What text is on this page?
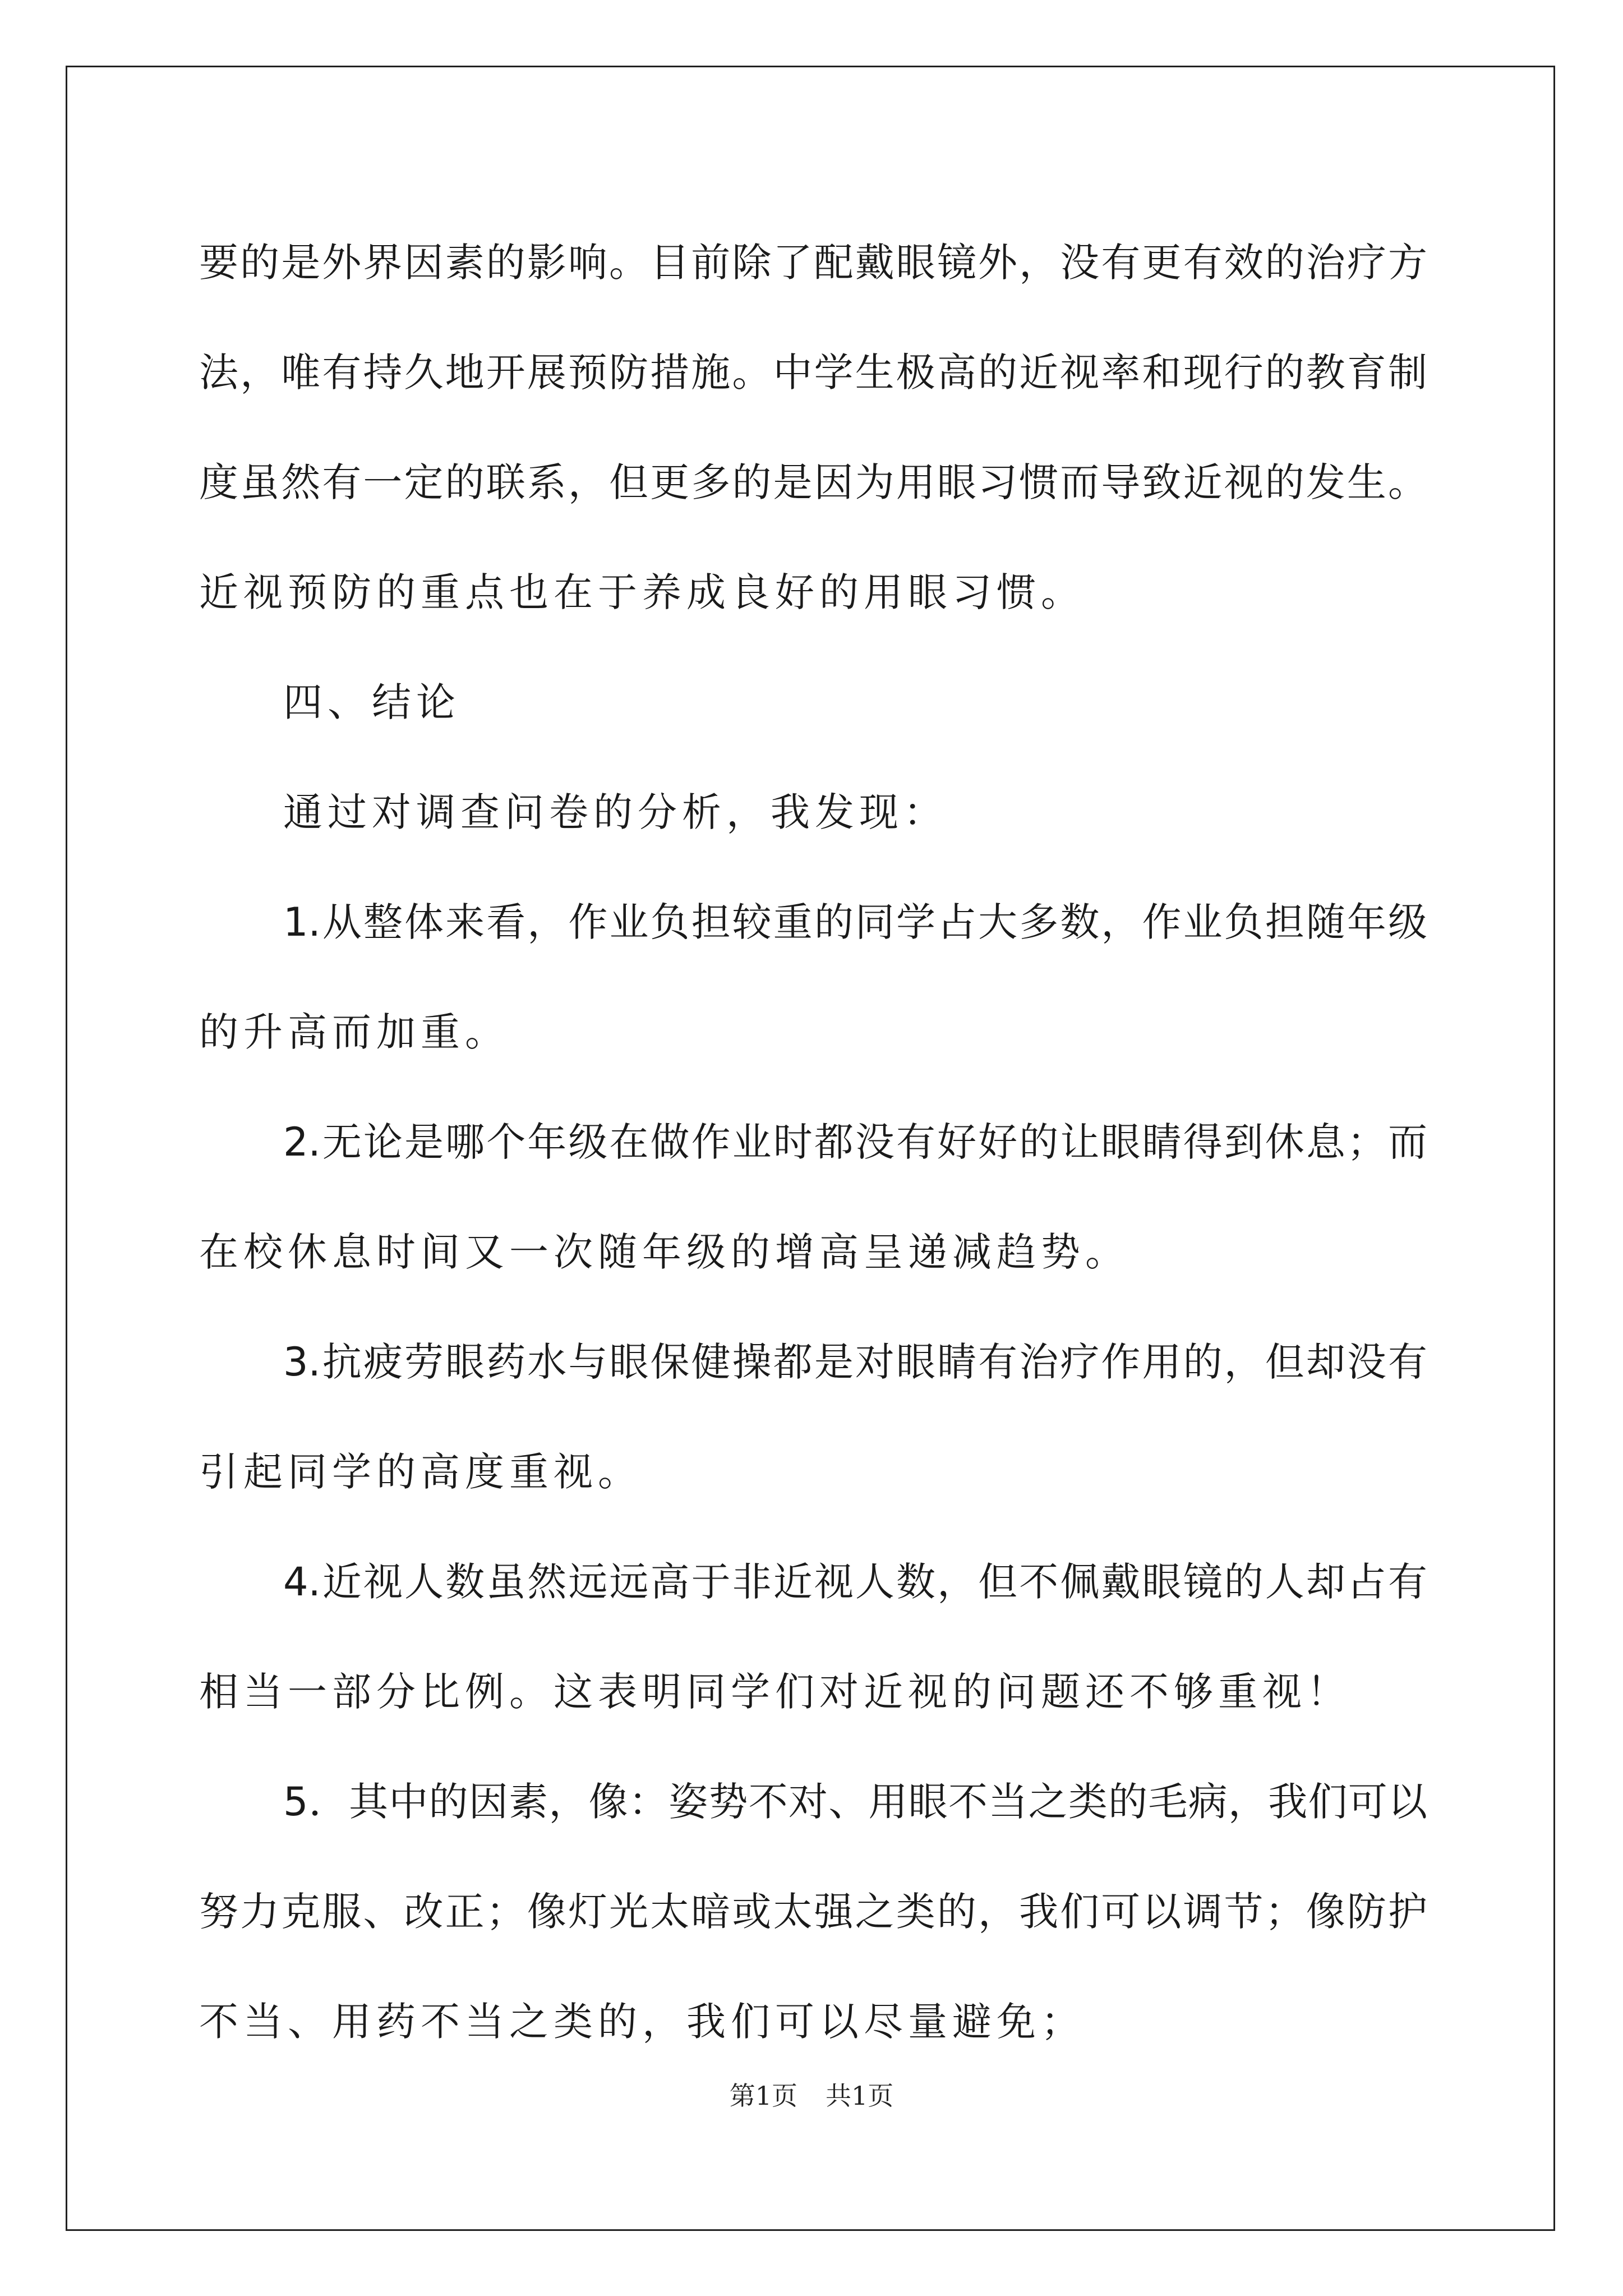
要的是外界因素的影响。目前除了配戴眼镜外，没有更有效的治疗方
法，唯有持久地开展预防措施。中学生极高的近视率和现行的教育制
度虽然有一定的联系，但更多的是因为用眼习惯而导致近视的发生。
近视预防的重点也在于养成良好的用眼习惯。
四、结论
通过对调查问卷的分析，我发现：
1.从整体来看，作业负担较重的同学占大多数，作业负担随年级
的升高而加重。
2.无论是哪个年级在做作业时都没有好好的让眼睛得到休息；而
在校休息时间又一次随年级的增高呈递减趋势。
3.抗疲劳眼药水与眼保健操都是对眼睛有治疗作用的，但却没有
引起同学的高度重视。
4.近视人数虽然远远高于非近视人数，但不佩戴眼镜的人却占有
相当一部分比例。这表明同学们对近视的问题还不够重视！
5．其中的因素，像：姿势不对、用眼不当之类的毛病，我们可以
努力克服、改正；像灯光太暗或太强之类的，我们可以调节；像防护
不当、用药不当之类的，我们可以尽量避免；
第1页 共1页
